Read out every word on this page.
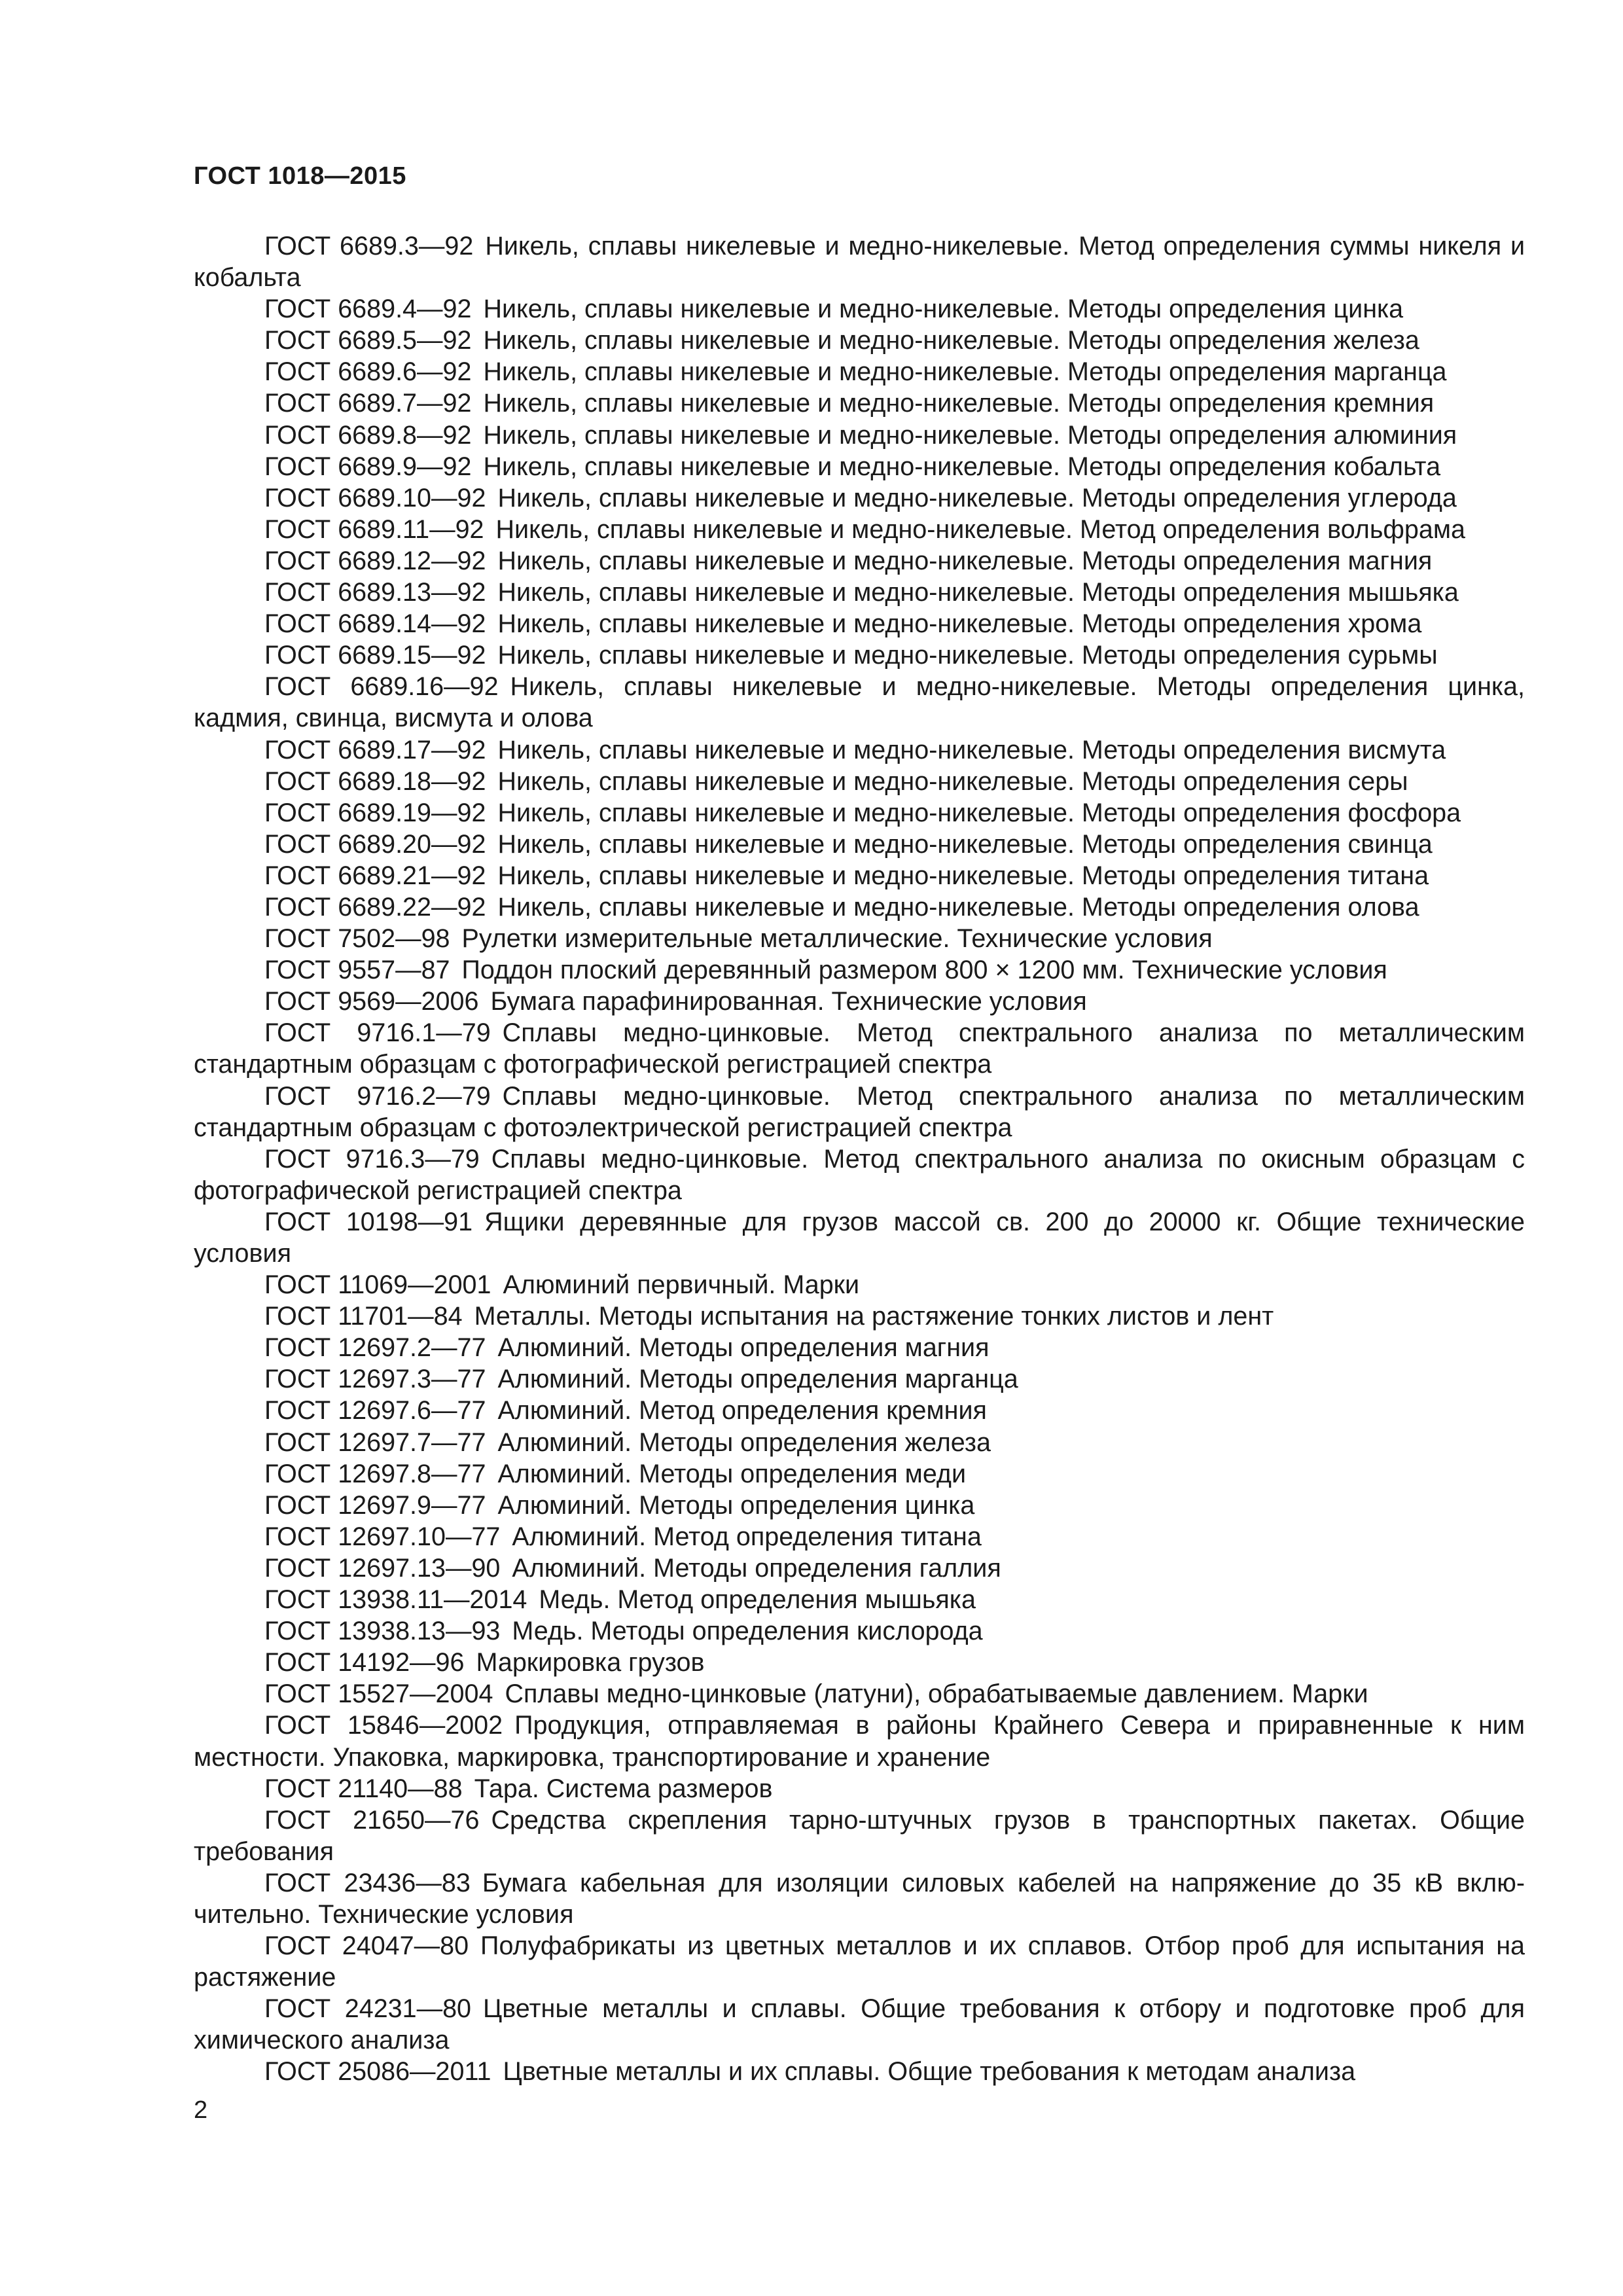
ГОСТ 1018—2015

ГОСТ 6689.3—92 Никель, сплавы никелевые и медно-никелевые. Метод определения суммы никеля и кобальта

ГОСТ 6689.4—92 Никель, сплавы никелевые и медно-никелевые. Методы определения цинка

ГОСТ 6689.5—92 Никель, сплавы никелевые и медно-никелевые. Методы определения железа

ГОСТ 6689.6—92 Никель, сплавы никелевые и медно-никелевые. Методы определения марганца

ГОСТ 6689.7—92 Никель, сплавы никелевые и медно-никелевые. Методы определения кремния

ГОСТ 6689.8—92 Никель, сплавы никелевые и медно-никелевые. Методы определения алюминия

ГОСТ 6689.9—92 Никель, сплавы никелевые и медно-никелевые. Методы определения кобальта

ГОСТ 6689.10—92 Никель, сплавы никелевые и медно-никелевые. Методы определения углерода

ГОСТ 6689.11—92 Никель, сплавы никелевые и медно-никелевые. Метод определения вольфрама

ГОСТ 6689.12—92 Никель, сплавы никелевые и медно-никелевые. Методы определения магния

ГОСТ 6689.13—92 Никель, сплавы никелевые и медно-никелевые. Методы определения мышьяка

ГОСТ 6689.14—92 Никель, сплавы никелевые и медно-никелевые. Методы определения хрома

ГОСТ 6689.15—92 Никель, сплавы никелевые и медно-никелевые. Методы определения сурьмы

ГОСТ 6689.16—92 Никель, сплавы никелевые и медно-никелевые. Методы определения цинка, кадмия, свинца, висмута и олова

ГОСТ 6689.17—92 Никель, сплавы никелевые и медно-никелевые. Методы определения висмута

ГОСТ 6689.18—92 Никель, сплавы никелевые и медно-никелевые. Методы определения серы

ГОСТ 6689.19—92 Никель, сплавы никелевые и медно-никелевые. Методы определения фосфора

ГОСТ 6689.20—92 Никель, сплавы никелевые и медно-никелевые. Методы определения свинца

ГОСТ 6689.21—92 Никель, сплавы никелевые и медно-никелевые. Методы определения титана

ГОСТ 6689.22—92 Никель, сплавы никелевые и медно-никелевые. Методы определения олова

ГОСТ 7502—98 Рулетки измерительные металлические. Технические условия

ГОСТ 9557—87 Поддон плоский деревянный размером 800 × 1200 мм. Технические условия

ГОСТ 9569—2006 Бумага парафинированная. Технические условия

ГОСТ 9716.1—79 Сплавы медно-цинковые. Метод спектрального анализа по металлическим стандартным образцам с фотографической регистрацией спектра

ГОСТ 9716.2—79 Сплавы медно-цинковые. Метод спектрального анализа по металлическим стандартным образцам с фотоэлектрической регистрацией спектра

ГОСТ 9716.3—79 Сплавы медно-цинковые. Метод спектрального анализа по окисным образцам с фотографической регистрацией спектра

ГОСТ 10198—91 Ящики деревянные для грузов массой св. 200 до 20000 кг. Общие технические условия

ГОСТ 11069—2001 Алюминий первичный. Марки

ГОСТ 11701—84 Металлы. Методы испытания на растяжение тонких листов и лент

ГОСТ 12697.2—77 Алюминий. Методы определения магния

ГОСТ 12697.3—77 Алюминий. Методы определения марганца

ГОСТ 12697.6—77 Алюминий. Метод определения кремния

ГОСТ 12697.7—77 Алюминий. Методы определения железа

ГОСТ 12697.8—77 Алюминий. Методы определения меди

ГОСТ 12697.9—77 Алюминий. Методы определения цинка

ГОСТ 12697.10—77 Алюминий. Метод определения титана

ГОСТ 12697.13—90 Алюминий. Методы определения галлия

ГОСТ 13938.11—2014 Медь. Метод определения мышьяка

ГОСТ 13938.13—93 Медь. Методы определения кислорода

ГОСТ 14192—96 Маркировка грузов

ГОСТ 15527—2004 Сплавы медно-цинковые (латуни), обрабатываемые давлением. Марки

ГОСТ 15846—2002 Продукция, отправляемая в районы Крайнего Севера и приравненные к ним местности. Упаковка, маркировка, транспортирование и хранение

ГОСТ 21140—88 Тара. Система размеров

ГОСТ 21650—76 Средства скрепления тарно-штучных грузов в транспортных пакетах. Общие требования

ГОСТ 23436—83 Бумага кабельная для изоляции силовых кабелей на напряжение до 35 кВ включительно. Технические условия

ГОСТ 24047—80 Полуфабрикаты из цветных металлов и их сплавов. Отбор проб для испытания на растяжение

ГОСТ 24231—80 Цветные металлы и сплавы. Общие требования к отбору и подготовке проб для химического анализа

ГОСТ 25086—2011 Цветные металлы и их сплавы. Общие требования к методам анализа

2
